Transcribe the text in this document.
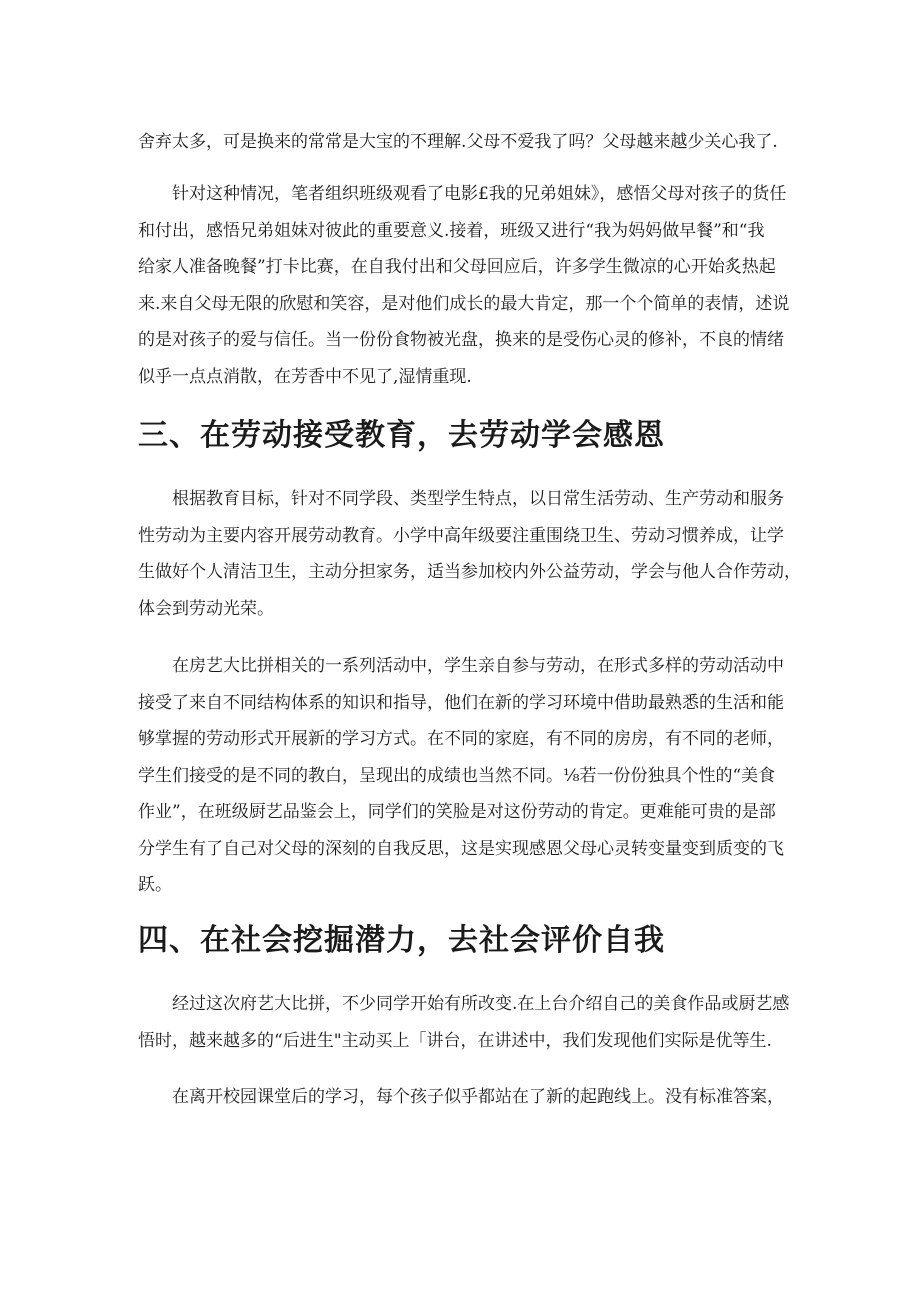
舍弃太多，可是换来的常常是大宝的不理解.父母不爱我了吗？父母越来越少关心我了.
　　针对这种情况，笔者组织班级观看了电影£我的兄弟姐妹》，感悟父母对孩子的货任
和付出，感悟兄弟姐妹对彼此的重要意义.接着，班级又进行“我为妈妈做早餐”和“我
给家人准备晚餐”打卡比赛，在自我付出和父母回应后，许多学生微凉的心开始炙热起
来.来自父母无限的欣慰和笑容，是对他们成长的最大肯定，那一个个简单的表情，述说
的是对孩子的爱与信任。当一份份食物被光盘，换来的是受伤心灵的修补，不良的情绪
似乎一点点消散，在芳香中不见了,湿情重现.
三、在劳动接受教育，去劳动学会感恩
　　根据教育目标，针对不同学段、类型学生特点，以日常生活劳动、生产劳动和服务
性劳动为主要内容开展劳动教育。小学中高年级要注重围绕卫生、劳动习惯养成，让学
生做好个人清洁卫生，主动分担家务，适当参加校内外公益劳动，学会与他人合作劳动，
体会到劳动光荣。
　　在房艺大比拼相关的一系列活动中，学生亲自参与劳动，在形式多样的劳动活动中
接受了来自不同结构体系的知识和指导，他们在新的学习环境中借助最熟悉的生活和能
够掌握的劳动形式开展新的学习方式。在不同的家庭，有不同的房房，有不同的老师，
学生们接受的是不同的教白，呈现出的成绩也当然不同。⅛若一份份独具个性的“美食
作业”，在班级厨艺品鉴会上，同学们的笑脸是对这份劳动的肯定。更难能可贵的是部
分学生有了自己对父母的深刻的自我反思，这是实现感恩父母心灵转变量变到质变的飞
跃。
四、在社会挖掘潜力，去社会评价自我
　　经过这次府艺大比拼，不少同学开始有所改变.在上台介绍自己的美食作品或厨艺感
悟时，越来越多的“后进生"主动买上「讲台，在讲述中，我们发现他们实际是优等生.
　　在离开校园课堂后的学习，每个孩子似乎都站在了新的起跑线上。没有标准答案，
